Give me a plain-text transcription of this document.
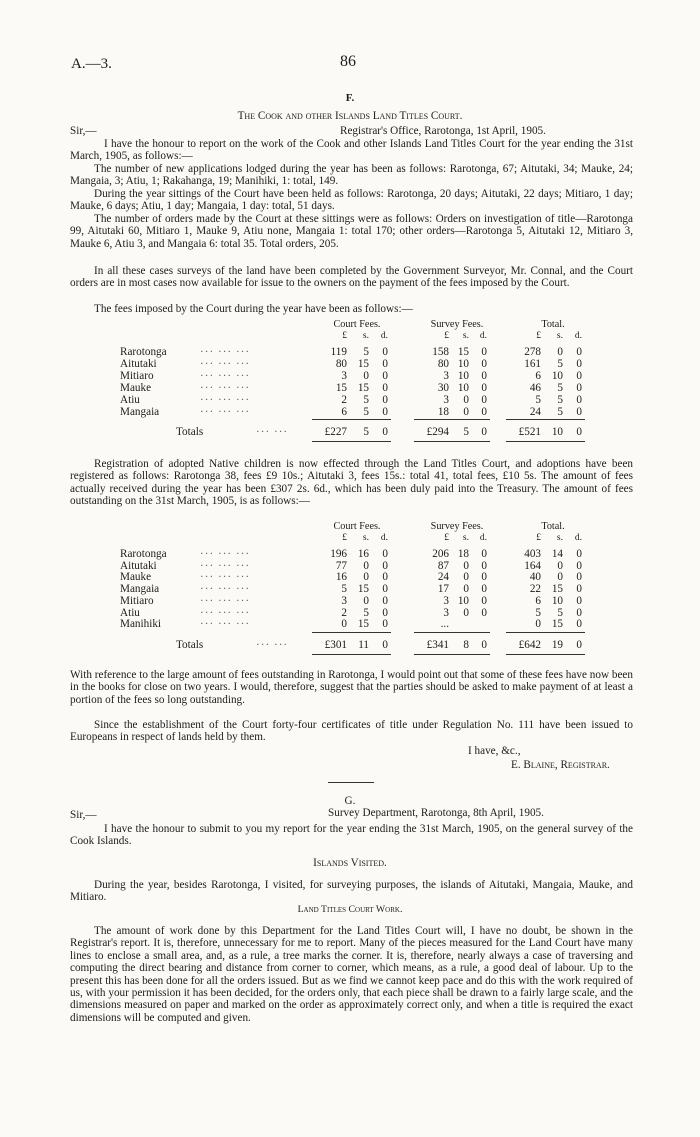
A.—3.	86
F.
The Cook and other Islands Land Titles Court.
Sir,—	Registrar's Office, Rarotonga, 1st April, 1905.

I have the honour to report on the work of the Cook and other Islands Land Titles Court for the year ending the 31st March, 1905, as follows:—

The number of new applications lodged during the year has been as follows: Rarotonga, 67; Aitutaki, 34; Mauke, 24; Mangaia, 3; Atiu, 1; Rakahanga, 19; Manihiki, 1: total, 149.

During the year sittings of the Court have been held as follows: Rarotonga, 20 days; Aitutaki, 22 days; Mitiaro, 1 day; Mauke, 6 days; Atiu, 1 day; Mangaia, 1 day: total, 51 days.

The number of orders made by the Court at these sittings were as follows: Orders on investigation of title—Rarotonga 99, Aitutaki 60, Mitiaro 1, Mauke 9, Atiu none, Mangaia 1: total 170; other orders—Rarotonga 5, Aitutaki 12, Mitiaro 3, Mauke 6, Atiu 3, and Mangaia 6: total 35. Total orders, 205.

In all these cases surveys of the land have been completed by the Government Surveyor, Mr. Connal, and the Court orders are in most cases now available for issue to the owners on the payment of the fees imposed by the Court.

The fees imposed by the Court during the year have been as follows:—

Court Fees.
£	s.	d.
Survey Fees.
£	s.	d.
Total.
£	s.	d.
Rarotonga	··· ··· ···	119	5	0	158 15	0	278	0	0
Aitutaki	··· ··· ···	80 15	0	80 10	0	161	5	0
Mitiaro	··· ··· ···	3	0	0	3 10	0	6 10	0
Mauke	··· ··· ···	15 15	0	30 10	0	46	5	0
Atiu	··· ··· ···	2	5	0	3	0	0	5	5	0
Mangaia	··· ··· ···	6	5	0	18	0	0	24	5	0
Totals	··· ···	£227	5	0	£294	5	0	£521 10	0

Registration of adopted Native children is now effected through the Land Titles Court, and adoptions have been registered as follows: Rarotonga 38, fees £9 10s.; Aitutaki 3, fees 15s.: total 41, total fees, £10 5s. The amount of fees actually received during the year has been £307 2s. 6d., which has been duly paid into the Treasury. The amount of fees outstanding on the 31st March, 1905, is as follows:—

Court Fees.
£	s.	d.
Survey Fees.
£	s.	d.
Total.
£	s.	d.
Rarotonga	··· ··· ···	196 16	0	206 18	0	403 14	0
Aitutaki	··· ··· ···	77	0	0	87	0	0	164	0	0
Mauke	··· ··· ···	16	0	0	24	0	0	40	0	0
Mangaia	··· ··· ···	5 15	0	17	0	0	22 15	0
Mitiaro	··· ··· ···	3	0	0	3 10	0	6 10	0
Atiu	··· ··· ···	2	5	0	3	0	0	5	5	0
Manihiki	··· ··· ···	0 15	0	...	0 15	0
Totals	··· ···	£301	11	0	£341	8	0	£642 19	0

With reference to the large amount of fees outstanding in Rarotonga, I would point out that some of these fees have now been in the books for close on two years. I would, therefore, suggest that the parties should be asked to make payment of at least a portion of the fees so long outstanding.

Since the establishment of the Court forty-four certificates of title under Regulation No. 111 have been issued to Europeans in respect of lands held by them.

I have, &c.,
E. Blaine, Registrar.
G.
Sir,—	Survey Department, Rarotonga, 8th April, 1905.

I have the honour to submit to you my report for the year ending the 31st March, 1905, on the general survey of the Cook Islands.

Islands Visited.

During the year, besides Rarotonga, I visited, for surveying purposes, the islands of Aitutaki, Mangaia, Mauke, and Mitiaro.

Land Titles Court Work.

The amount of work done by this Department for the Land Titles Court will, I have no doubt, be shown in the Registrar's report. It is, therefore, unnecessary for me to report. Many of the pieces measured for the Land Court have many lines to enclose a small area, and, as a rule, a tree marks the corner. It is, therefore, nearly always a case of traversing and computing the direct bearing and distance from corner to corner, which means, as a rule, a good deal of labour. Up to the present this has been done for all the orders issued. But as we find we cannot keep pace and do this with the work required of us, with your permission it has been decided, for the orders only, that each piece shall be drawn to a fairly large scale, and the dimensions measured on paper and marked on the order as approximately correct only, and when a title is required the exact dimensions will be computed and given.
